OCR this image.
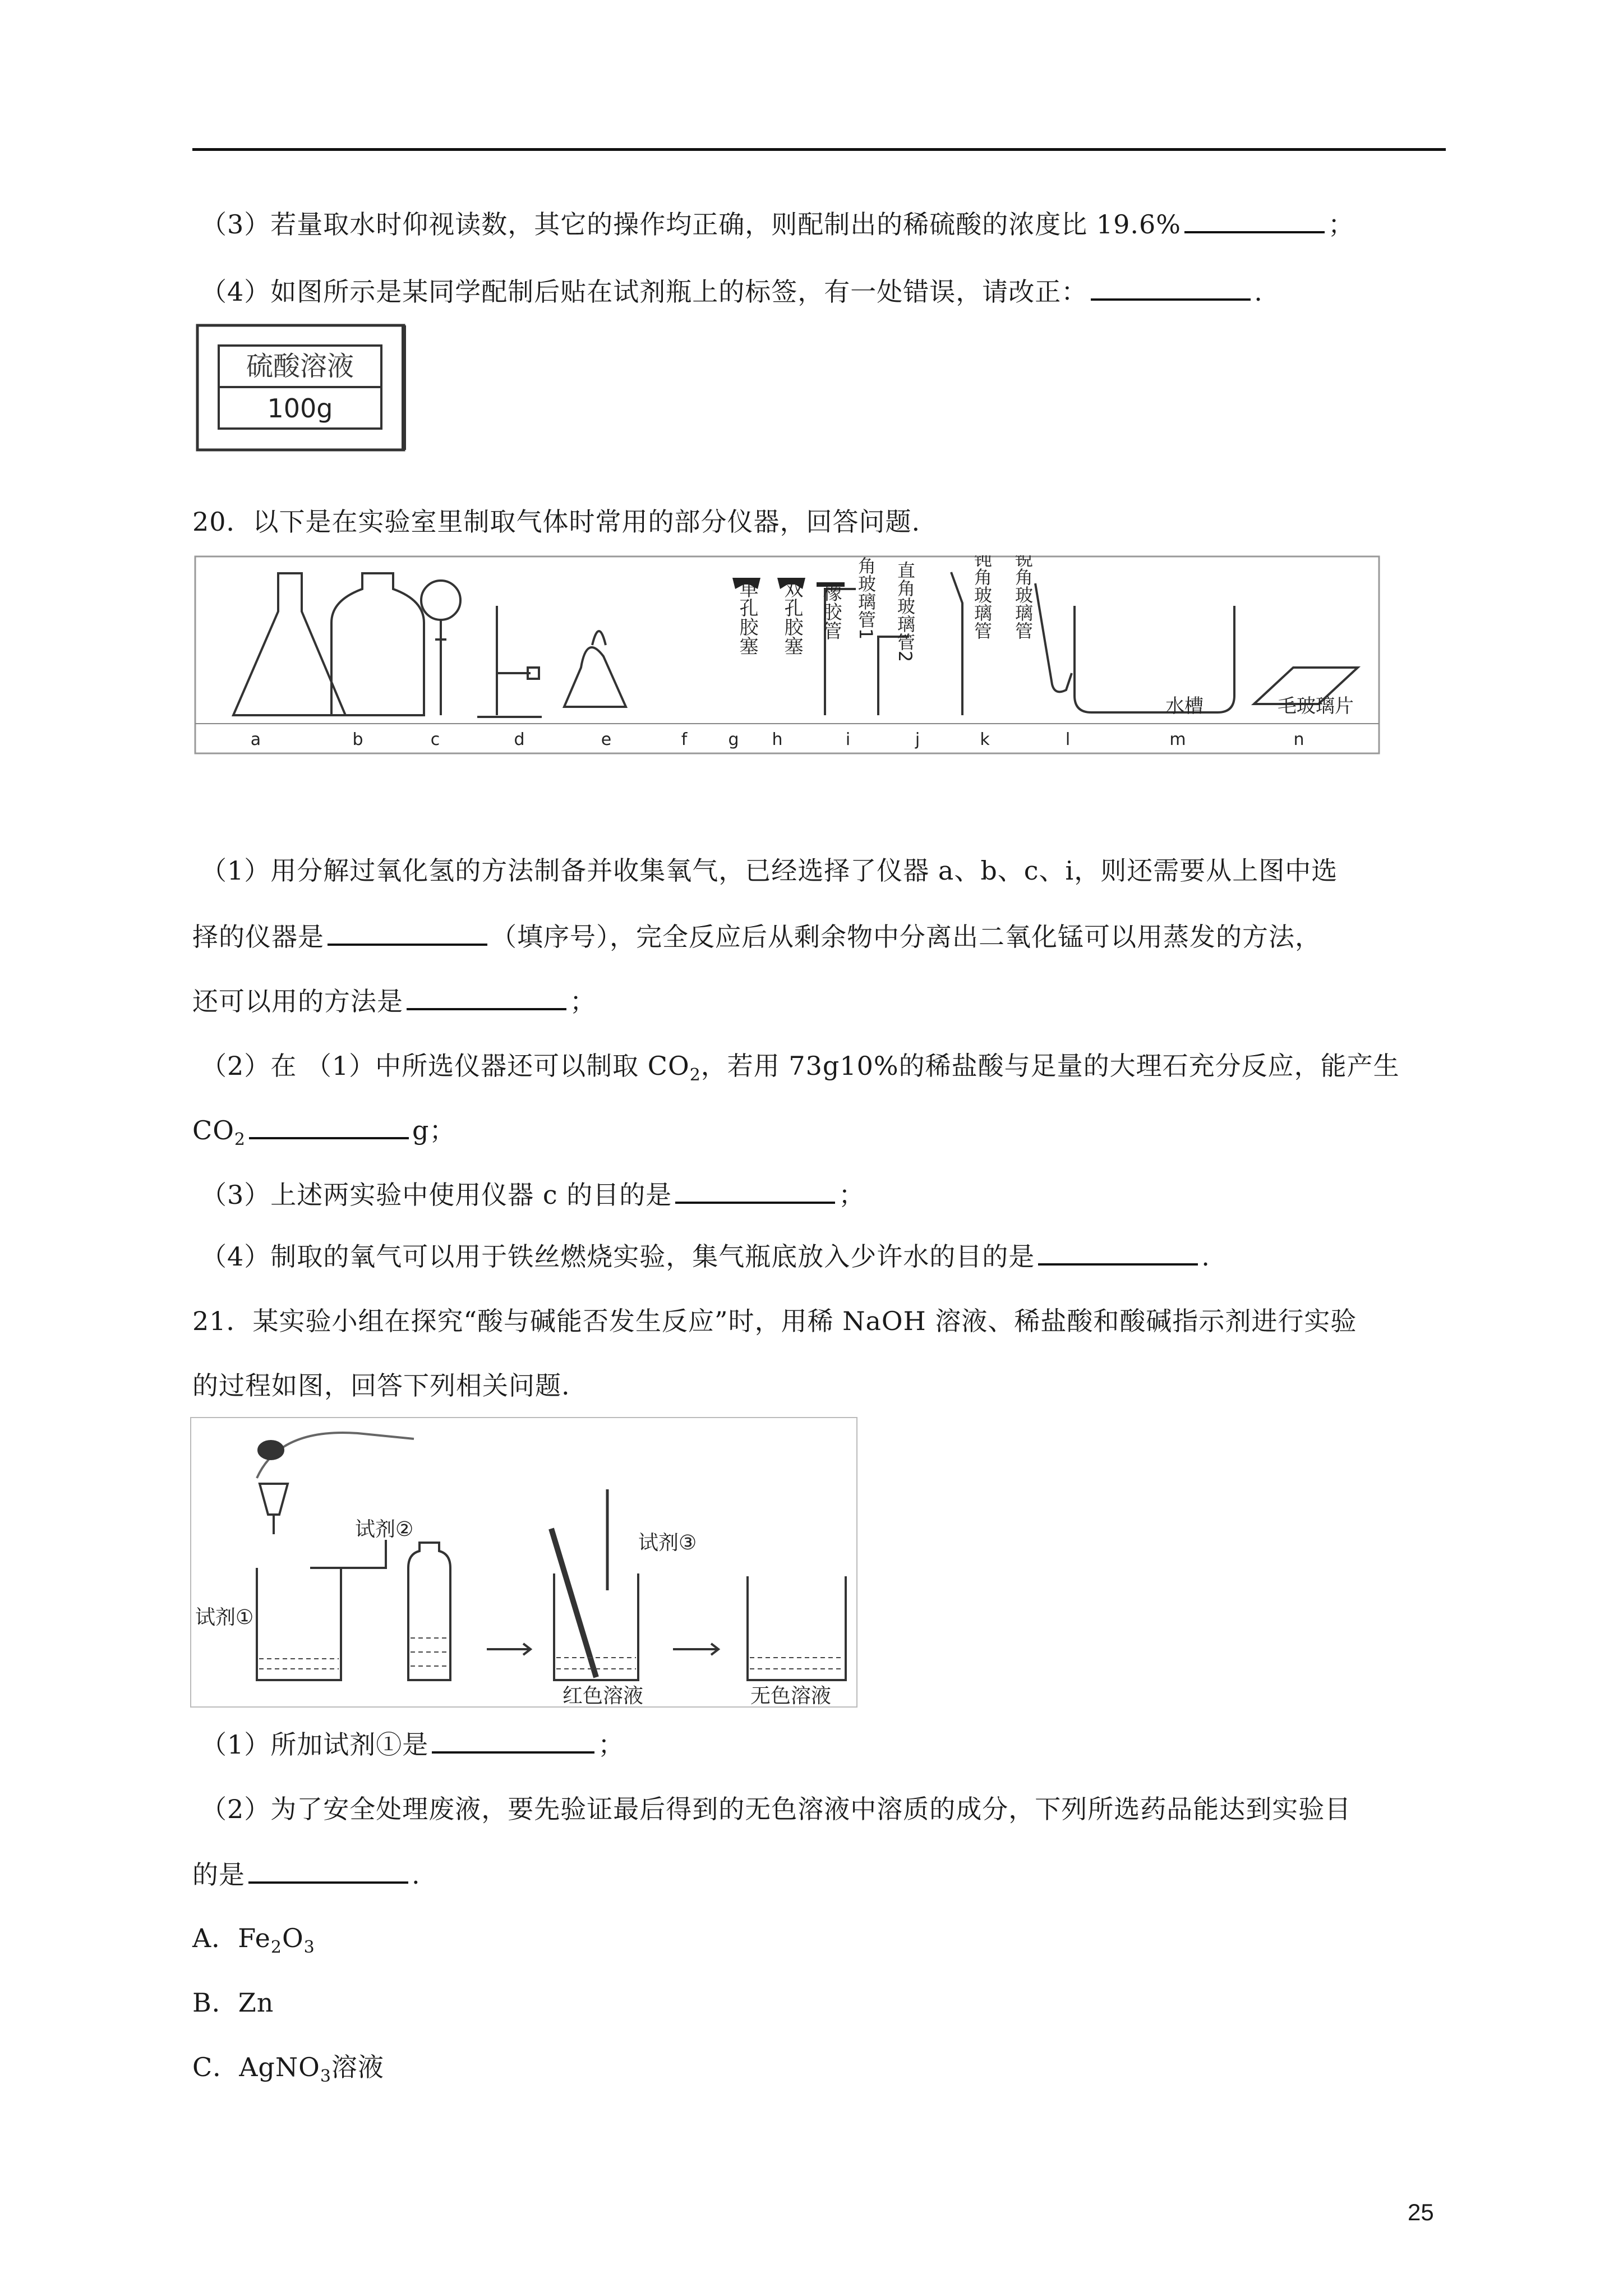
（3）若量取水时仰视读数，其它的操作均正确，则配制出的稀硫酸的浓度比 19.6%	；
（4）如图所示是某同学配制后贴在试剂瓶上的标签，有一处错误，请改正：	.
硫酸溶液
100g
20．以下是在实验室里制取气体时常用的部分仪器，回答问题.
单孔胶塞 双孔胶塞 橡胶管 直角玻璃管1 直角玻璃管2	钝角玻璃管 锐角玻璃管
水槽	毛玻璃片
a	b	c	d	e	f g h	i	j	k	l	m	n
（1）用分解过氧化氢的方法制备并收集氧气，已经选择了仪器 a、b、c、i，则还需要从上图中选
择的仪器是	（填序号），完全反应后从剩余物中分离出二氧化锰可以用蒸发的方法，
还可以用的方法是	；
（2）在 （1）中所选仪器还可以制取 $CO_2$，若用 73g10%的稀盐酸与足量的大理石充分反应，能产生
$CO_2$	g；
（3）上述两实验中使用仪器 c 的目的是	；
（4）制取的氧气可以用于铁丝燃烧实验，集气瓶底放入少许水的目的是	.
21．某实验小组在探究“酸与碱能否发生反应”时，用稀 NaOH 溶液、稀盐酸和酸碱指示剂进行实验
的过程如图，回答下列相关问题.
试剂①
试剂②
试剂③
红色溶液	无色溶液
（1）所加试剂①是	；
（2）为了安全处理废液，要先验证最后得到的无色溶液中溶质的成分，下列所选药品能达到实验目
的是	.
A．$Fe_2O_3$
B．Zn
C．AgNO$_3$溶液
25
